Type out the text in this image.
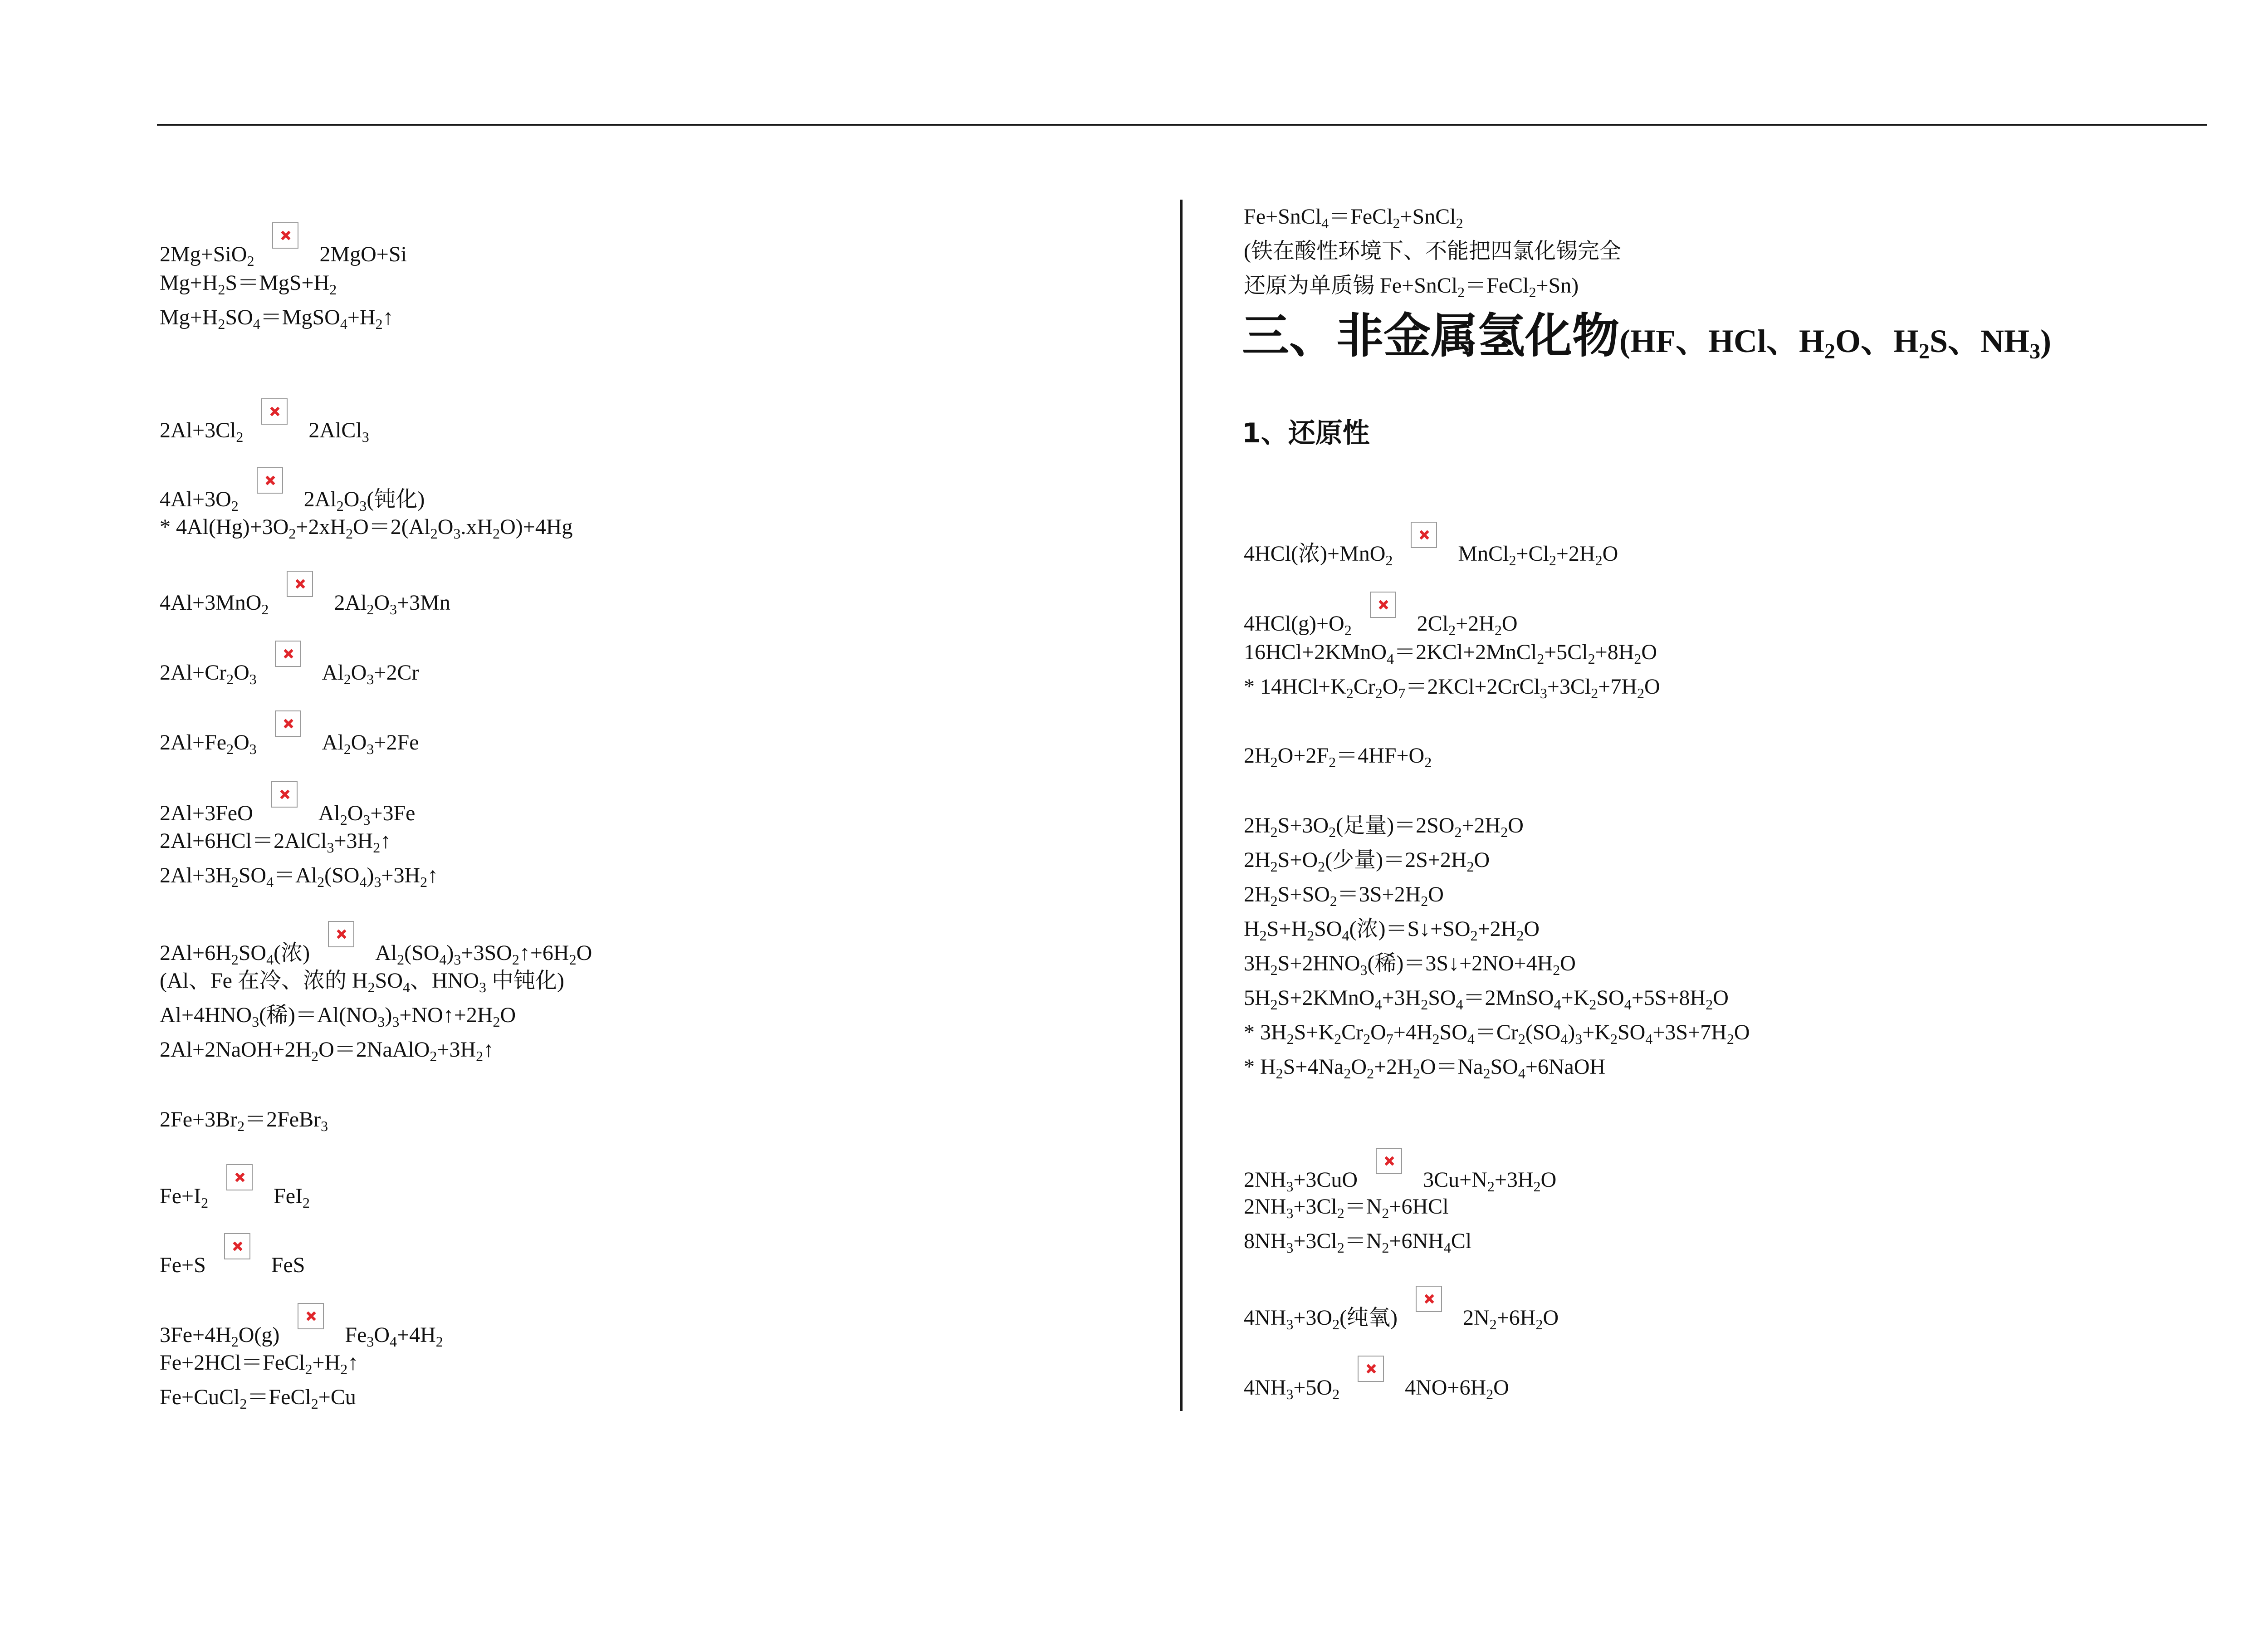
2Mg+SiO$_2$	2MgO+Si
$Mg+H_2S=MgS+H_2$
$Mg+H_2SO_4=MgSO_4+H_2↑$
$2Al+3Cl_2$	2AlCl$_3$
$4Al+3O_2$	$2Al_2O_3$(钝化)
* $4Al(Hg)+3O_2+2xH_2O=2(Al_2O_3.xH_2O)+4Hg$
4Al+3MnO$_2$	$2Al_2O_3+3Mn$
$2Al+Cr_2O_3$	$Al_2O_3+2Cr$
$2Al+Fe_2O_3$	$Al_2O_3+2Fe$
2Al+3FeO	$Al_2O_3+3Fe$
$2Al+6HCl=2AlCl_3+3H_2↑$
$2Al+3H_2SO_4=Al_2(SO_4)_3+3H_2↑$
$2Al+6H_2SO_4$(浓)	$Al_2(SO_4)_3+3SO_2↑+6H_2O$
(Al、Fe 在冷、浓的 $H_2SO_4$、$HNO_3$ 中钝化)
$Al+4HNO_3$(稀)$=Al(NO_3)_3+NO↑+2H_2O$
$2Al+2NaOH+2H_2O=2NaAlO_2+3H_2↑$
$2Fe+3Br_2=2FeBr_3$
$Fe+I_2$	FeI$_2$
Fe+S	FeS
$3Fe+4H_2O(g)$	$Fe_3O_4+4H_2$
$Fe+2HCl=FeCl_2+H_2↑$
Fe+CuCl$_2$＝FeCl$_2$+Cu
三、非金属氢化物(HF、HCl、$H_2O$、$H_2S$、$NH_3$)
1、还原性
Fe+SnCl$_4$＝FeCl$_2$+SnCl$_2$
(铁在酸性环境下、不能把四氯化锡完全
还原为单质锡 Fe+SnCl$_2$＝FeCl$_2$+Sn)
4HCl(浓)+MnO$_2$	$MnCl_2+Cl_2+2H_2O$
$4HCl(g)+O_2$	$2Cl_2+2H_2O$
$16HCl+2KMnO_4=2KCl+2MnCl_2+5Cl_2+8H_2O$
* $14HCl+K_2Cr_2O_7=2KCl+2CrCl_3+3Cl_2+7H_2O$
$2H_2O+2F_2=4HF+O_2$
$2H_2S+3O_2$(足量)$=2SO_2+2H_2O$
$2H_2S+O_2$(少量)$=2S+2H_2O$
$2H_2S+SO_2=3S+2H_2O$
$H_2S+H_2SO_4$(浓)$=S↓+SO_2+2H_2O$
$3H_2S+2HNO_3$(稀)$=3S↓+2NO+4H_2O$
$5H_2S+2KMnO_4+3H_2SO_4=2MnSO_4+K_2SO_4+5S+8H_2O$
* $3H_2S+K_2Cr_2O_7+4H_2SO_4=Cr_2(SO_4)_3+K_2SO_4+3S+7H_2O$
* $H_2S+4Na_2O_2+2H_2O=Na_2SO_4+6NaOH$
$2NH_3+3CuO$	$3Cu+N_2+3H_2O$
$2NH_3+3Cl_2=N_2+6HCl$
$8NH_3+3Cl_2=N_2+6NH_4Cl$
$4NH_3+3O_2$(纯氧)	$2N_2+6H_2O$
$4NH_3+5O_2$	$4NO+6H_2O$
